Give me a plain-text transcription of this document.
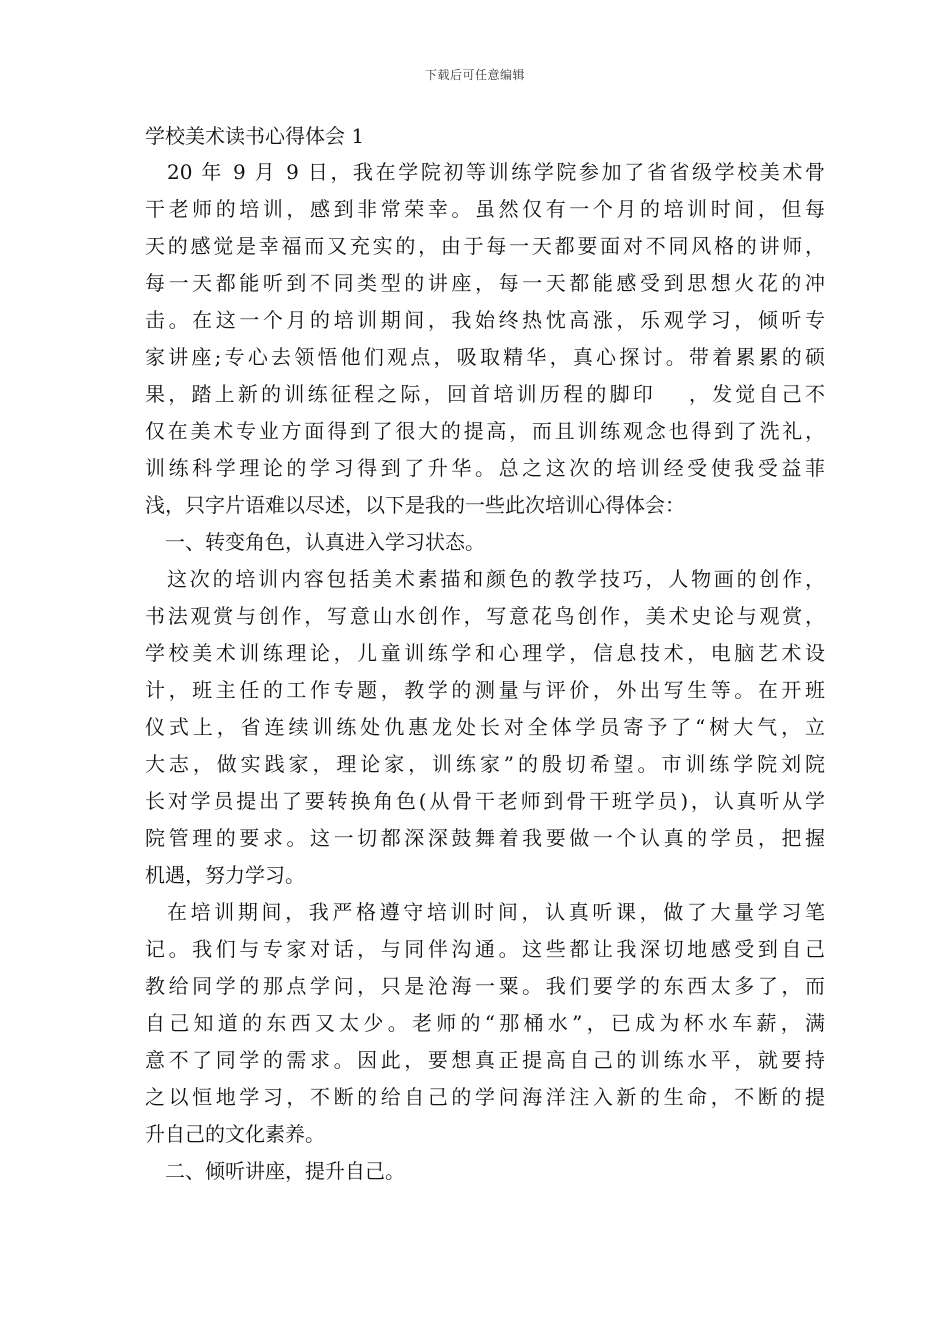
下载后可任意编辑
学校美术读书心得体会 1
20 年 9 月 9 日，我在学院初等训练学院参加了省省级学校美术骨
干老师的培训，感到非常荣幸。虽然仅有一个月的培训时间，但每
天的感觉是幸福而又充实的，由于每一天都要面对不同风格的讲师，
每一天都能听到不同类型的讲座，每一天都能感受到思想火花的冲
击。在这一个月的培训期间，我始终热忱高涨，乐观学习，倾听专
家讲座;专心去领悟他们观点，吸取精华，真心探讨。带着累累的硕
果，踏上新的训练征程之际，回首培训历程的脚印　 ，发觉自己不
仅在美术专业方面得到了很大的提高，而且训练观念也得到了洗礼，
训练科学理论的学习得到了升华。总之这次的培训经受使我受益菲
浅，只字片语难以尽述，以下是我的一些此次培训心得体会：
一、转变角色，认真进入学习状态。
这次的培训内容包括美术素描和颜色的教学技巧，人物画的创作，
书法观赏与创作，写意山水创作，写意花鸟创作，美术史论与观赏，
学校美术训练理论，儿童训练学和心理学，信息技术，电脑艺术设
计，班主任的工作专题，教学的测量与评价，外出写生等。在开班
仪式上，省连续训练处仇惠龙处长对全体学员寄予了“树大气，立
大志，做实践家，理论家，训练家”的殷切希望。市训练学院刘院
长对学员提出了要转换角色(从骨干老师到骨干班学员)，认真听从学
院管理的要求。这一切都深深鼓舞着我要做一个认真的学员，把握
机遇，努力学习。
在培训期间，我严格遵守培训时间，认真听课，做了大量学习笔
记。我们与专家对话，与同伴沟通。这些都让我深切地感受到自己
教给同学的那点学问，只是沧海一粟。我们要学的东西太多了，而
自己知道的东西又太少。老师的“那桶水”，已成为杯水车薪，满
意不了同学的需求。因此，要想真正提高自己的训练水平，就要持
之以恒地学习，不断的给自己的学问海洋注入新的生命，不断的提
升自己的文化素养。
二、倾听讲座，提升自己。
